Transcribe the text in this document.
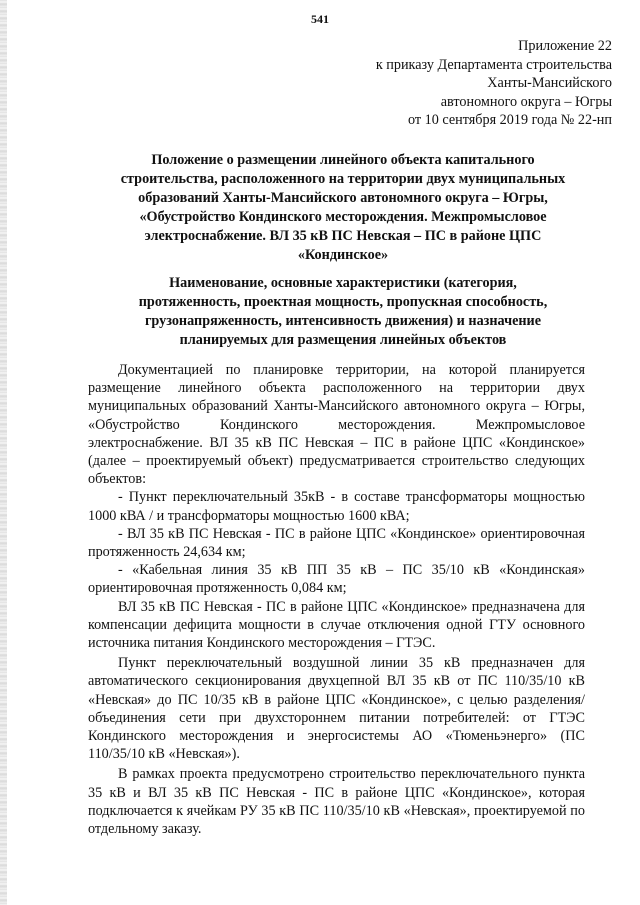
541
Приложение 22
к приказу Департамента строительства
Ханты-Мансийского
автономного округа – Югры
от 10 сентября 2019 года № 22-нп
Положение о размещении линейного объекта капитального
строительства, расположенного на территории двух муниципальных
образований Ханты-Мансийского автономного округа – Югры,
«Обустройство Кондинского месторождения. Межпромысловое
электроснабжение. ВЛ 35 кВ ПС Невская – ПС в районе ЦПС
«Кондинское»
Наименование, основные характеристики (категория,
протяженность, проектная мощность, пропускная способность,
грузонапряженность, интенсивность движения) и назначение
планируемых для размещения линейных объектов

Документацией по планировке территории, на которой планируется размещение линейного объекта расположенного на территории двух муниципальных образований Ханты-Мансийского автономного округа – Югры, «Обустройство Кондинского месторождения. Межпромысловое электроснабжение. ВЛ 35 кВ ПС Невская – ПС в районе ЦПС «Кондинское» (далее – проектируемый объект) предусматривается строительство следующих объектов:

- Пункт переключательный 35кВ - в составе трансформаторы мощностью 1000 кВА / и трансформаторы мощностью 1600 кВА;

- ВЛ 35 кВ ПС Невская - ПС в районе ЦПС «Кондинское» ориентировочная протяженность 24,634 км;

- «Кабельная линия 35 кВ ПП 35 кВ – ПС 35/10 кВ «Кондинская» ориентировочная протяженность 0,084 км;

ВЛ 35 кВ ПС Невская - ПС в районе ЦПС «Кондинское» предназначена для компенсации дефицита мощности в случае отключения одной ГТУ основного источника питания Кондинского месторождения – ГТЭС.

Пункт переключательный воздушной линии 35 кВ предназначен для автоматического секционирования двухцепной ВЛ 35 кВ от ПС 110/35/10 кВ «Невская» до ПС 10/35 кВ в районе ЦПС «Кондинское», с целью разделения/объединения сети при двухстороннем питании потребителей: от ГТЭС Кондинского месторождения и энергосистемы АО «Тюменьэнерго» (ПС 110/35/10 кВ «Невская»).

В рамках проекта предусмотрено строительство переключательного пункта 35 кВ и ВЛ 35 кВ ПС Невская - ПС в районе ЦПС «Кондинское», которая подключается к ячейкам РУ 35 кВ ПС 110/35/10 кВ «Невская», проектируемой по отдельному заказу.
